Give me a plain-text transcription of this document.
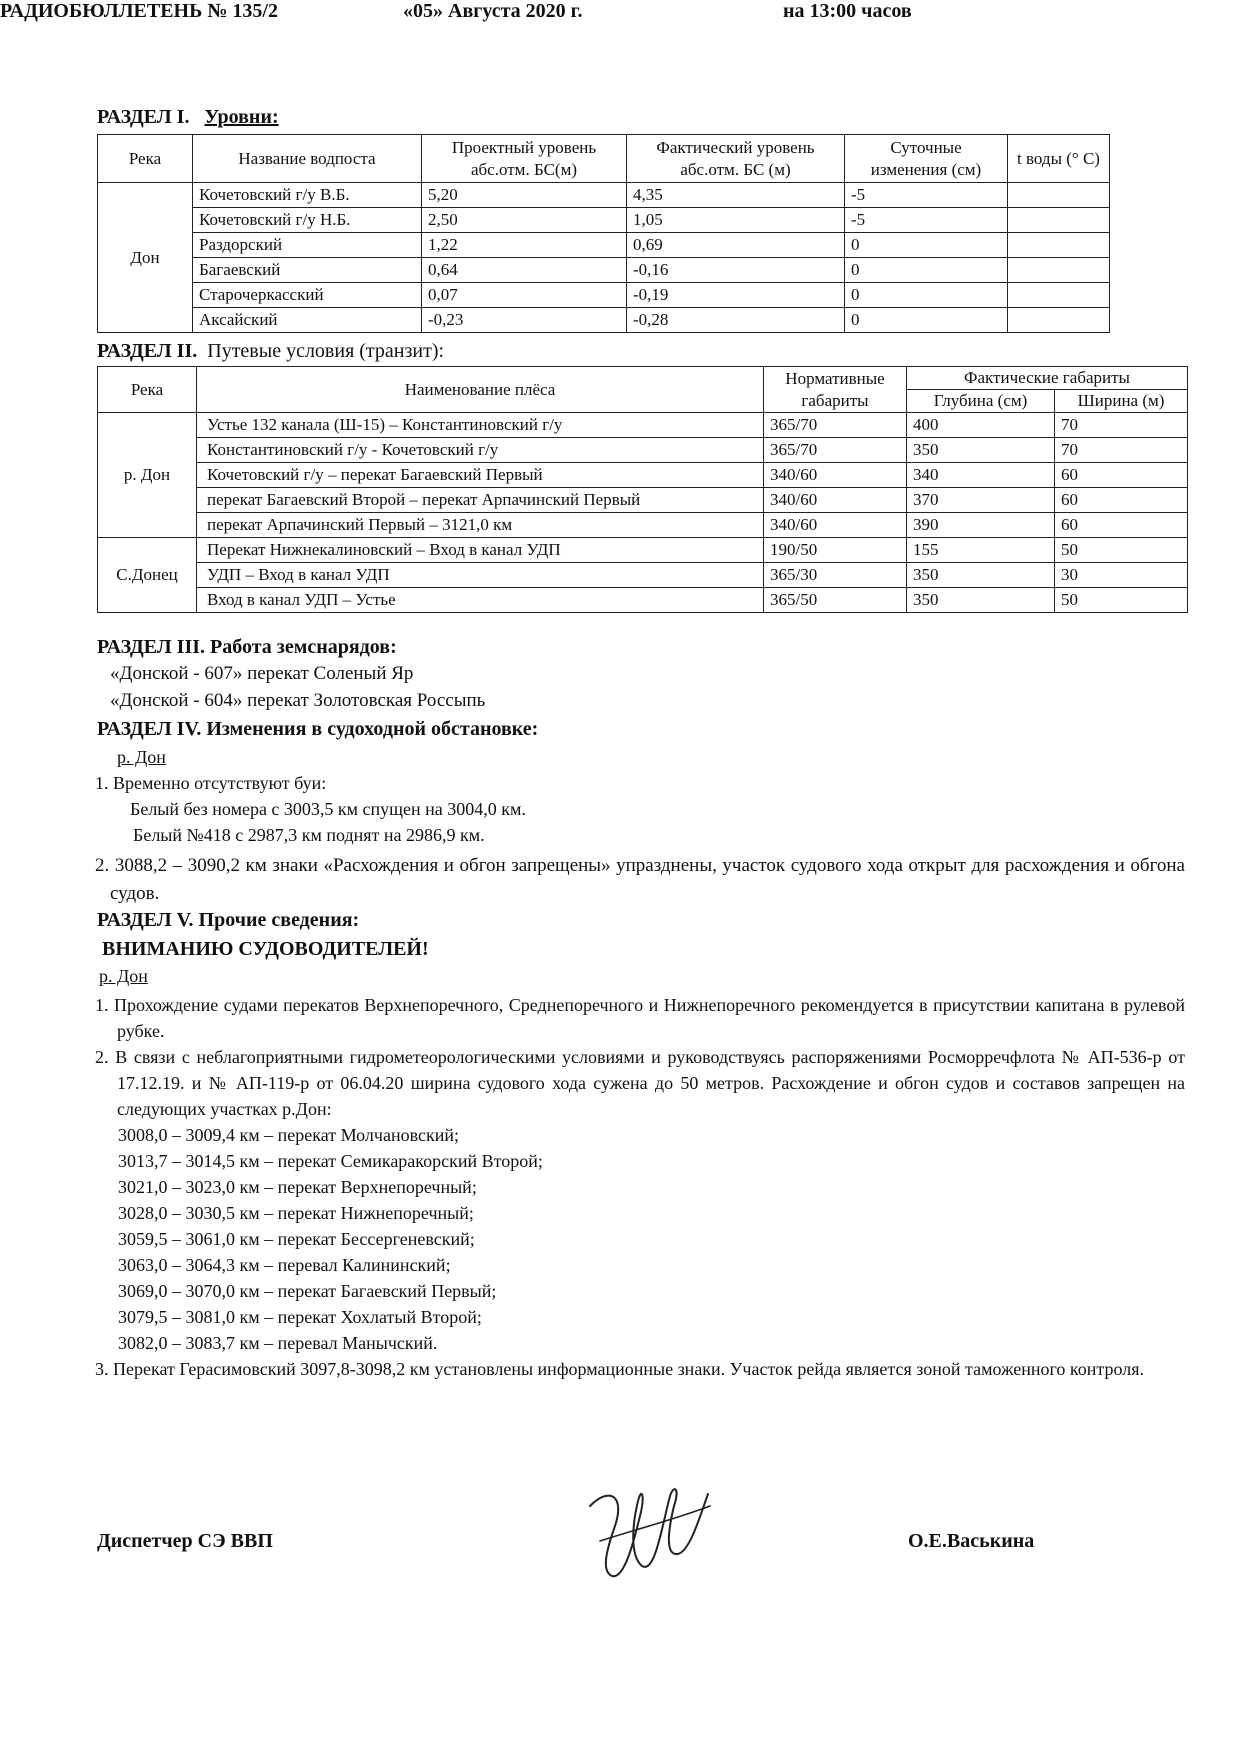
РАДИОБЮЛЛЕТЕНЬ № 135/2	«05» Августа 2020 г.	на 13:00 часов
РАЗДЕЛ I. Уровни:
Река	Название водпоста	Проектный уровень абс.отм. БС(м)	Фактический уровень абс.отм. БС (м)	Суточные изменения (см)	t воды (° С)
Дон	Кочетовский г/у В.Б.	5,20	4,35	-5	
	Кочетовский г/у Н.Б.	2,50	1,05	-5	
	Раздорский	1,22	0,69	0	
	Багаевский	0,64	-0,16	0	
	Старочеркасский	0,07	-0,19	0	
	Аксайский	-0,23	-0,28	0	
РАЗДЕЛ II. Путевые условия (транзит):
Река	Наименование плёса	Нормативные габариты	Фактические габариты	
			Глубина (см)	Ширина (м)
р. Дон	Устье 132 канала (Ш-15) – Константиновский г/у	365/70	400	70
	Константиновский г/у - Кочетовский г/у	365/70	350	70
	Кочетовский г/у – перекат Багаевский Первый	340/60	340	60
	перекат Багаевский Второй – перекат Арпачинский Первый	340/60	370	60
	перекат Арпачинский Первый – 3121,0 км	340/60	390	60
С.Донец	Перекат Нижнекалиновский – Вход в канал УДП	190/50	155	50
	УДП – Вход в канал УДП	365/30	350	30
	Вход в канал УДП – Устье	365/50	350	50
РАЗДЕЛ III. Работа земснарядов:
«Донской - 607» перекат Соленый Яр
«Донской - 604» перекат Золотовская Россыпь
РАЗДЕЛ IV. Изменения в судоходной обстановке:
р. Дон
1. Временно отсутствуют буи:
Белый без номера с 3003,5 км спущен на 3004,0 км.
Белый №418 с 2987,3 км поднят на 2986,9 км.
2. 3088,2 – 3090,2 км знаки «Расхождения и обгон запрещены» упразднены, участок судового хода открыт для расхождения и обгона судов.
РАЗДЕЛ V. Прочие сведения:
ВНИМАНИЮ СУДОВОДИТЕЛЕЙ!
р. Дон
1. Прохождение судами перекатов Верхнепоречного, Среднепоречного и Нижнепоречного рекомендуется в присутствии капитана в рулевой рубке.
2. В связи с неблагоприятными гидрометеорологическими условиями и руководствуясь распоряжениями Росморречфлота № АП-536-р от 17.12.19. и № АП-119-р от 06.04.20 ширина судового хода сужена до 50 метров. Расхождение и обгон судов и составов запрещен на следующих участках р.Дон:
3008,0 – 3009,4 км – перекат Молчановский;
3013,7 – 3014,5 км – перекат Семикаракорский Второй;
3021,0 – 3023,0 км – перекат Верхнепоречный;
3028,0 – 3030,5 км – перекат Нижнепоречный;
3059,5 – 3061,0 км – перекат Бессергеневский;
3063,0 – 3064,3 км – перевал Калининский;
3069,0 – 3070,0 км – перекат Багаевский Первый;
3079,5 – 3081,0 км – перекат Хохлатый Второй;
3082,0 – 3083,7 км – перевал Манычский.
3. Перекат Герасимовский 3097,8-3098,2 км установлены информационные знаки. Участок рейда является зоной таможенного контроля.
Диспетчер СЭ ВВП	О.Е.Васькина
